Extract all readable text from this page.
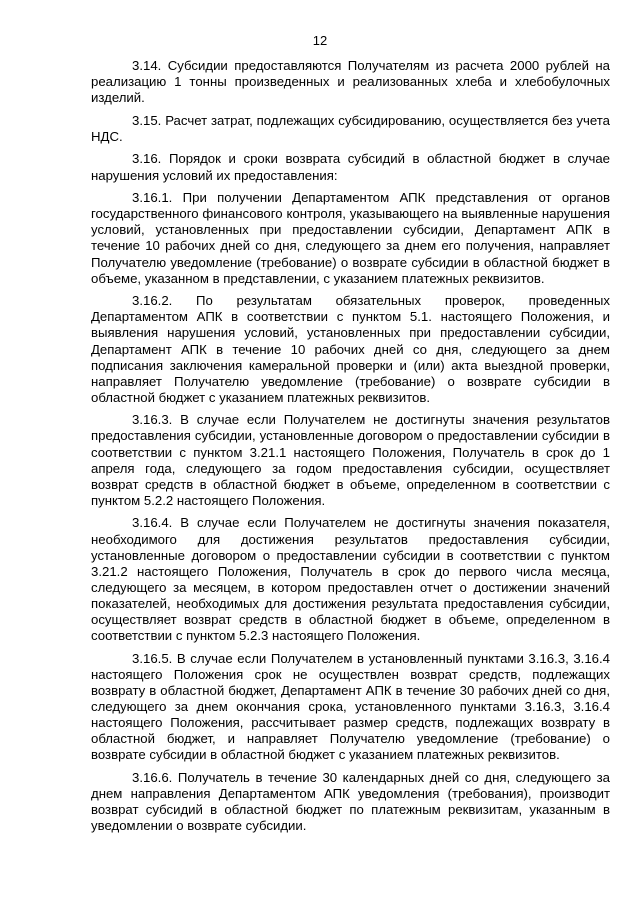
12

3.14. Субсидии предоставляются Получателям из расчета 2000 рублей на реализацию 1 тонны произведенных и реализованных хлеба и хлебобулочных изделий.

3.15. Расчет затрат, подлежащих субсидированию, осуществляется без учета НДС.

3.16. Порядок и сроки возврата субсидий в областной бюджет в случае нарушения условий их предоставления:

3.16.1. При получении Департаментом АПК представления от органов государственного финансового контроля, указывающего на выявленные нарушения условий, установленных при предоставлении субсидии, Департамент АПК в течение 10 рабочих дней со дня, следующего за днем его получения, направляет Получателю уведомление (требование) о возврате субсидии в областной бюджет в объеме, указанном в представлении, с указанием платежных реквизитов.

3.16.2. По результатам обязательных проверок, проведенных Департаментом АПК в соответствии с пунктом 5.1. настоящего Положения, и выявления нарушения условий, установленных при предоставлении субсидии, Департамент АПК в течение 10 рабочих дней со дня, следующего за днем подписания заключения камеральной проверки и (или) акта выездной проверки, направляет Получателю уведомление (требование) о возврате субсидии в областной бюджет с указанием платежных реквизитов.

3.16.3. В случае если Получателем не достигнуты значения результатов предоставления субсидии, установленные договором о предоставлении субсидии в соответствии с пунктом 3.21.1 настоящего Положения, Получатель в срок до 1 апреля года, следующего за годом предоставления субсидии, осуществляет возврат средств в областной бюджет в объеме, определенном в соответствии с пунктом 5.2.2 настоящего Положения.

3.16.4. В случае если Получателем не достигнуты значения показателя, необходимого для достижения результатов предоставления субсидии, установленные договором о предоставлении субсидии в соответствии с пунктом 3.21.2 настоящего Положения, Получатель в срок до первого числа месяца, следующего за месяцем, в котором предоставлен отчет о достижении значений показателей, необходимых для достижения результата предоставления субсидии, осуществляет возврат средств в областной бюджет в объеме, определенном в соответствии с пунктом 5.2.3 настоящего Положения.

3.16.5. В случае если Получателем в установленный пунктами 3.16.3, 3.16.4 настоящего Положения срок не осуществлен возврат средств, подлежащих возврату в областной бюджет, Департамент АПК в течение 30 рабочих дней со дня, следующего за днем окончания срока, установленного пунктами 3.16.3, 3.16.4 настоящего Положения, рассчитывает размер средств, подлежащих возврату в областной бюджет, и направляет Получателю уведомление (требование) о возврате субсидии в областной бюджет с указанием платежных реквизитов.

3.16.6. Получатель в течение 30 календарных дней со дня, следующего за днем направления Департаментом АПК уведомления (требования), производит возврат субсидий в областной бюджет по платежным реквизитам, указанным в уведомлении о возврате субсидии.
